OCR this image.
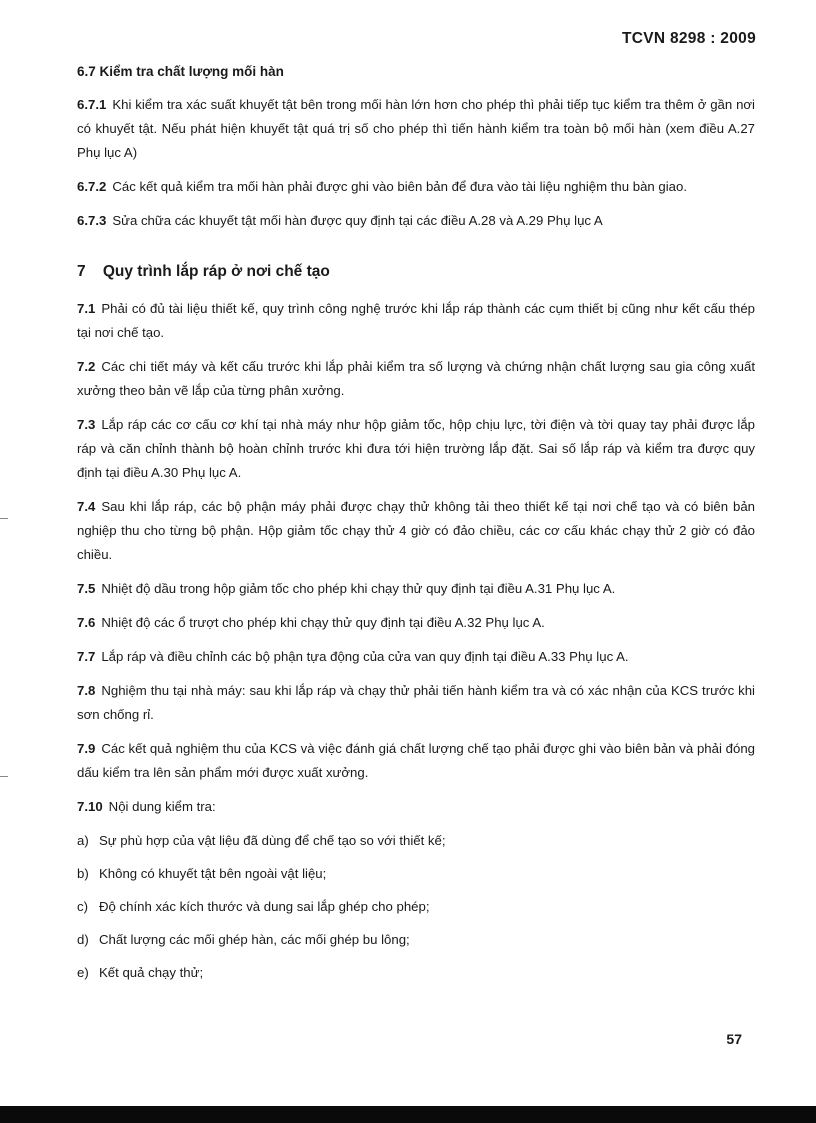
TCVN 8298 : 2009
6.7 Kiểm tra chất lượng mối hàn
6.7.1 Khi kiểm tra xác suất khuyết tật bên trong mối hàn lớn hơn cho phép thì phải tiếp tục kiểm tra thêm ở gần nơi có khuyết tật. Nếu phát hiện khuyết tật quá trị số cho phép thì tiến hành kiểm tra toàn bộ mối hàn (xem điều A.27 Phụ lục A)
6.7.2 Các kết quả kiểm tra mối hàn phải được ghi vào biên bản để đưa vào tài liệu nghiệm thu bàn giao.
6.7.3 Sửa chữa các khuyết tật mối hàn được quy định tại các điều A.28 và A.29 Phụ lục A
7    Quy trình lắp ráp ở nơi chế tạo
7.1 Phải có đủ tài liệu thiết kế, quy trình công nghệ trước khi lắp ráp thành các cụm thiết bị cũng như kết cấu thép tại nơi chế tạo.
7.2 Các chi tiết máy và kết cấu trước khi lắp phải kiểm tra số lượng và chứng nhận chất lượng sau gia công xuất xưởng theo bản vẽ lắp của từng phân xưởng.
7.3 Lắp ráp các cơ cấu cơ khí tại nhà máy như hộp giảm tốc, hộp chịu lực, tời điện và tời quay tay phải được lắp ráp và căn chỉnh thành bộ hoàn chỉnh trước khi đưa tới hiện trường lắp đặt. Sai số lắp ráp và kiểm tra được quy định tại điều A.30 Phụ lục A.
7.4 Sau khi lắp ráp, các bộ phận máy phải được chạy thử không tải theo thiết kế tại nơi chế tạo và có biên bản nghiệp thu cho từng bộ phận. Hộp giảm tốc chạy thử 4 giờ có đảo chiều, các cơ cấu khác chạy thử 2 giờ có đảo chiều.
7.5 Nhiệt độ dầu trong hộp giảm tốc cho phép khi chạy thử quy định tại điều A.31 Phụ lục A.
7.6 Nhiệt độ các ổ trượt cho phép khi chạy thử quy định tại điều A.32 Phụ lục A.
7.7 Lắp ráp và điều chỉnh các bộ phận tựa động của cửa van quy định tại điều A.33 Phụ lục A.
7.8 Nghiệm thu tại nhà máy: sau khi lắp ráp và chạy thử phải tiến hành kiểm tra và có xác nhận của KCS trước khi sơn chống rỉ.
7.9 Các kết quả nghiệm thu của KCS và việc đánh giá chất lượng chế tạo phải được ghi vào biên bản và phải đóng dấu kiểm tra lên sản phẩm mới được xuất xưởng.
7.10 Nội dung kiểm tra:
a) Sự phù hợp của vật liệu đã dùng để chế tạo so với thiết kế;
b) Không có khuyết tật bên ngoài vật liệu;
c) Độ chính xác kích thước và dung sai lắp ghép cho phép;
d) Chất lượng các mối ghép hàn, các mối ghép bu lông;
e) Kết quả chạy thử;
57
